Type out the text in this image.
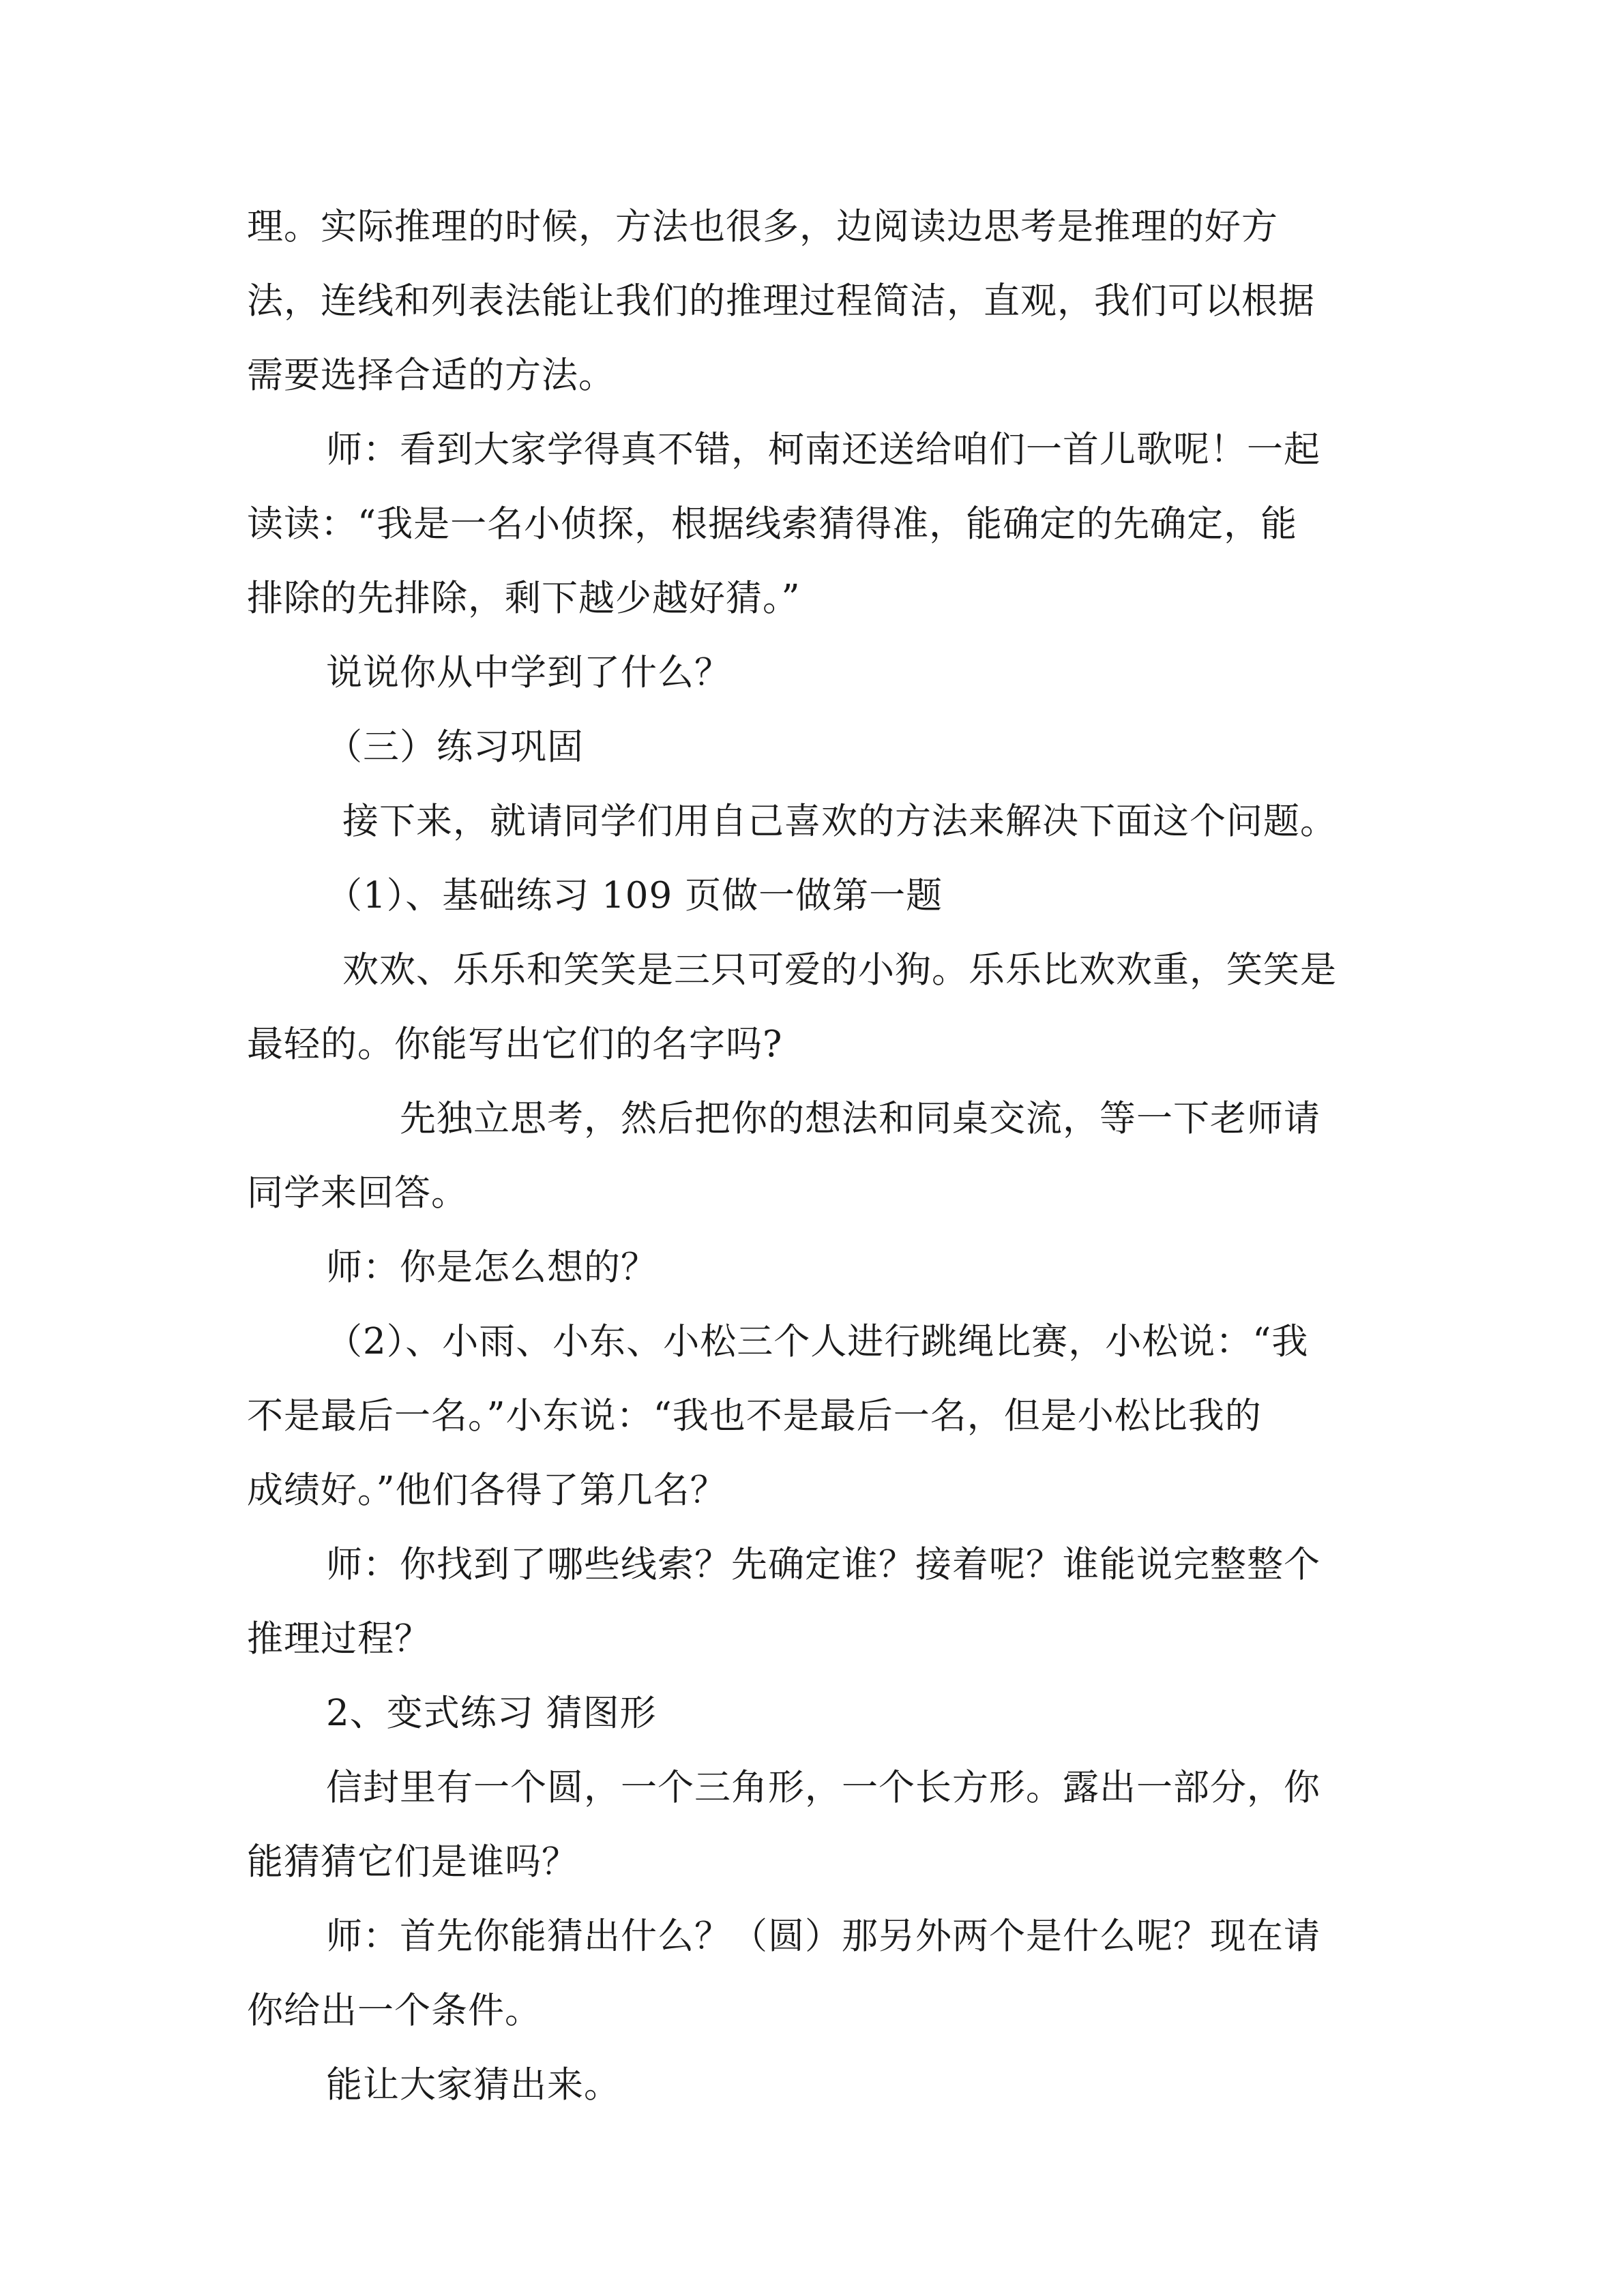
理。实际推理的时候，方法也很多，边阅读边思考是推理的好方
法，连线和列表法能让我们的推理过程简洁，直观，我们可以根据
需要选择合适的方法。
师：看到大家学得真不错，柯南还送给咱们一首儿歌呢！一起
读读：“我是一名小侦探，根据线索猜得准，能确定的先确定，能
排除的先排除，剩下越少越好猜。”
说说你从中学到了什么？
（三）练习巩固
接下来，就请同学们用自己喜欢的方法来解决下面这个问题。
（1）、基础练习 109 页做一做第一题
欢欢、乐乐和笑笑是三只可爱的小狗。乐乐比欢欢重，笑笑是
最轻的。你能写出它们的名字吗?
先独立思考，然后把你的想法和同桌交流，等一下老师请
同学来回答。
师：你是怎么想的？
（2）、小雨、小东、小松三个人进行跳绳比赛，小松说：“我
不是最后一名。”小东说：“我也不是最后一名，但是小松比我的
成绩好。”他们各得了第几名？
师：你找到了哪些线索？先确定谁？接着呢？谁能说完整整个
推理过程？
2、变式练习 猜图形
信封里有一个圆，一个三角形，一个长方形。露出一部分，你
能猜猜它们是谁吗？
师：首先你能猜出什么？（圆）那另外两个是什么呢？现在请
你给出一个条件。
能让大家猜出来。
